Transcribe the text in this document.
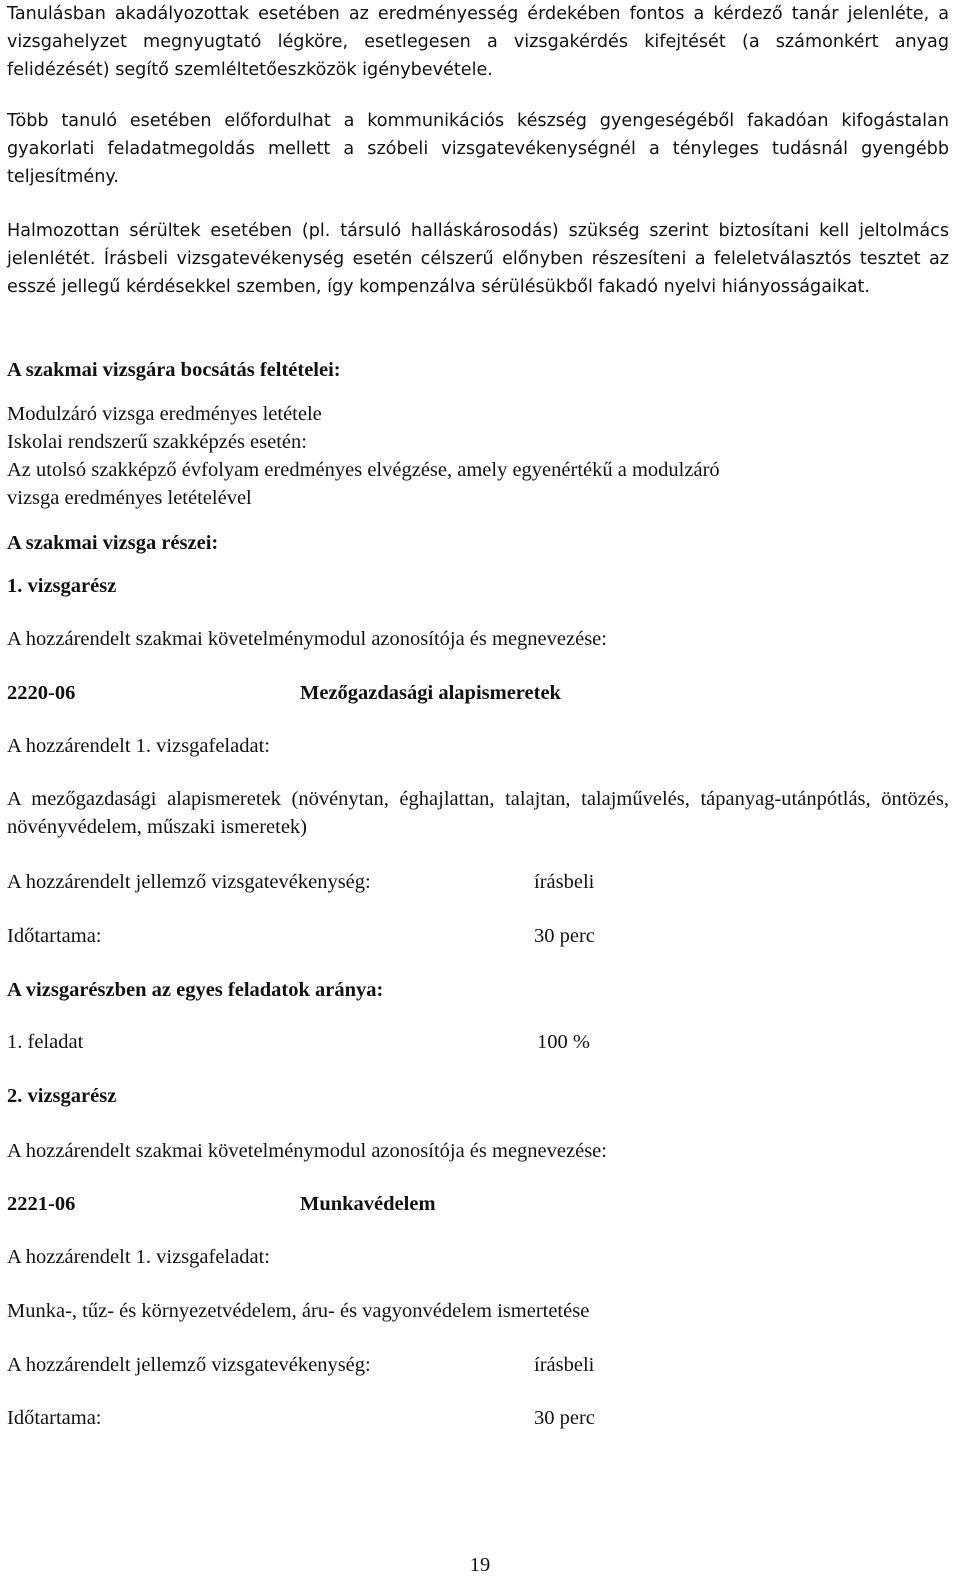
Tanulásban akadályozottak esetében az eredményesség érdekében fontos a kérdező tanár jelenléte, a vizsgahelyzet megnyugtató légköre, esetlegesen a vizsgakérdés kifejtését (a számonkért anyag felidézését) segítő szemléltetőeszközök igénybevétele.

Több tanuló esetében előfordulhat a kommunikációs készség gyengeségéből fakadóan kifogástalan gyakorlati feladatmegoldás mellett a szóbeli vizsgatevékenységnél a tényleges tudásnál gyengébb teljesítmény.

Halmozottan sérültek esetében (pl. társuló halláskárosodás) szükség szerint biztosítani kell jeltolmács jelenlétét. Írásbeli vizsgatevékenység esetén célszerű előnyben részesíteni a feleletválasztós tesztet az esszé jellegű kérdésekkel szemben, így kompenzálva sérülésükből fakadó nyelvi hiányosságaikat.

A szakmai vizsgára bocsátás feltételei:

Modulzáró vizsga eredményes letétele

Iskolai rendszerű szakképzés esetén:

Az utolsó szakképző évfolyam eredményes elvégzése, amely egyenértékű a modulzáró

vizsga eredményes letételével

A szakmai vizsga részei:

1. vizsgarész

A hozzárendelt szakmai követelménymodul azonosítója és megnevezése:

2220-06	Mezőgazdasági alapismeretek

A hozzárendelt 1. vizsgafeladat:

A mezőgazdasági alapismeretek (növénytan, éghajlattan, talajtan, talajművelés, tápanyag-utánpótlás, öntözés, növényvédelem, műszaki ismeretek)

A hozzárendelt jellemző vizsgatevékenység:	írásbeli

Időtartama:	30 perc

A vizsgarészben az egyes feladatok aránya:

1. feladat	100 %

2. vizsgarész

A hozzárendelt szakmai követelménymodul azonosítója és megnevezése:

2221-06	Munkavédelem

A hozzárendelt 1. vizsgafeladat:

Munka-, tűz- és környezetvédelem, áru- és vagyonvédelem ismertetése

A hozzárendelt jellemző vizsgatevékenység:	írásbeli

Időtartama:	30 perc

19
